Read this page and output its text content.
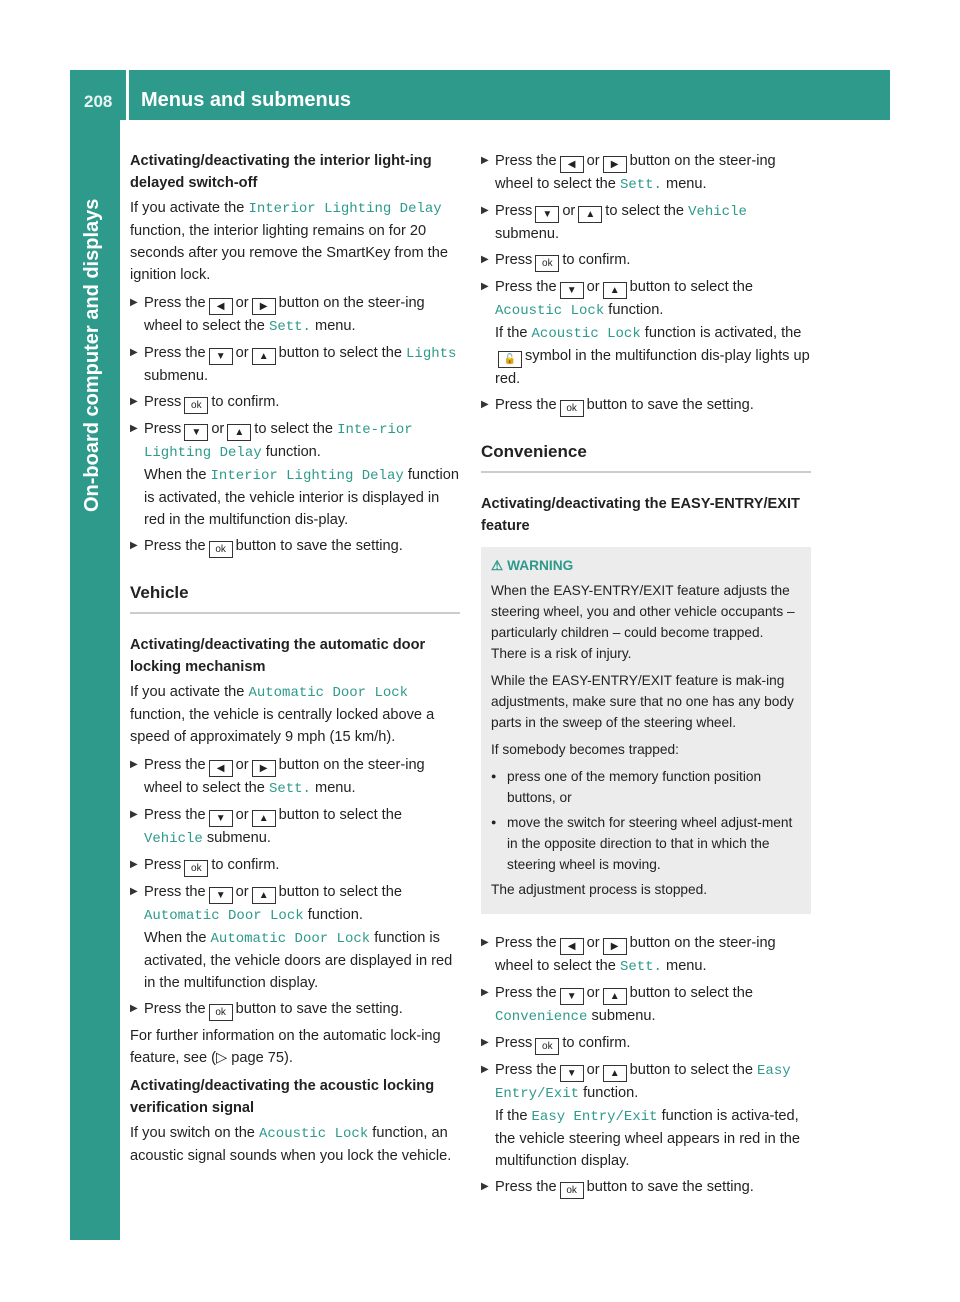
208 Menus and submenus
On-board computer and displays

Activating/deactivating the interior light-ing delayed switch-off

If you activate the Interior Lighting Delay function, the interior lighting remains on for 20 seconds after you remove the SmartKey from the ignition lock.

▶ Press the ◀ or ▶ button on the steer-ing wheel to select the Sett. menu.

▶ Press the ▼ or ▲ button to select the Lights submenu.

▶ Press ok to confirm.

▶ Press ▼ or ▲ to select the Inte-rior Lighting Delay function.
When the Interior Lighting Delay function is activated, the vehicle interior is displayed in red in the multifunction dis-play.

▶ Press the ok button to save the setting.

Vehicle

Activating/deactivating the automatic door locking mechanism

If you activate the Automatic Door Lock function, the vehicle is centrally locked above a speed of approximately 9 mph (15 km/h).

▶ Press the ◀ or ▶ button on the steer-ing wheel to select the Sett. menu.

▶ Press the ▼ or ▲ button to select the Vehicle submenu.

▶ Press ok to confirm.

▶ Press the ▼ or ▲ button to select the Automatic Door Lock function.
When the Automatic Door Lock function is activated, the vehicle doors are displayed in red in the multifunction display.

▶ Press the ok button to save the setting.

For further information on the automatic lock-ing feature, see (▷ page 75).

Activating/deactivating the acoustic locking verification signal

If you switch on the Acoustic Lock function, an acoustic signal sounds when you lock the vehicle.

▶ Press the ◀ or ▶ button on the steer-ing wheel to select the Sett. menu.

▶ Press ▼ or ▲ to select the Vehicle submenu.

▶ Press ok to confirm.

▶ Press the ▼ or ▲ button to select the Acoustic Lock function.
If the Acoustic Lock function is activated, the🔓 symbol in the multifunction dis-play lights up red.

▶ Press the ok button to save the setting.

Convenience

Activating/deactivating the EASY-ENTRY/EXIT feature

⚠ WARNING

When the EASY-ENTRY/EXIT feature adjusts the steering wheel, you and other vehicle occupants – particularly children – could become trapped. There is a risk of injury.

While the EASY-ENTRY/EXIT feature is mak-ing adjustments, make sure that no one has any body parts in the sweep of the steering wheel.

If somebody becomes trapped:

● press one of the memory function position buttons, or

● move the switch for steering wheel adjust-ment in the opposite direction to that in which the steering wheel is moving.

The adjustment process is stopped.

▶ Press the ◀ or ▶ button on the steer-ing wheel to select the Sett. menu.

▶ Press the ▼ or ▲ button to select the Convenience submenu.

▶ Press ok to confirm.

▶ Press the ▼ or ▲ button to select the Easy Entry/Exit function.
If the Easy Entry/Exit function is activa-ted, the vehicle steering wheel appears in red in the multifunction display.

▶ Press the ok button to save the setting.
